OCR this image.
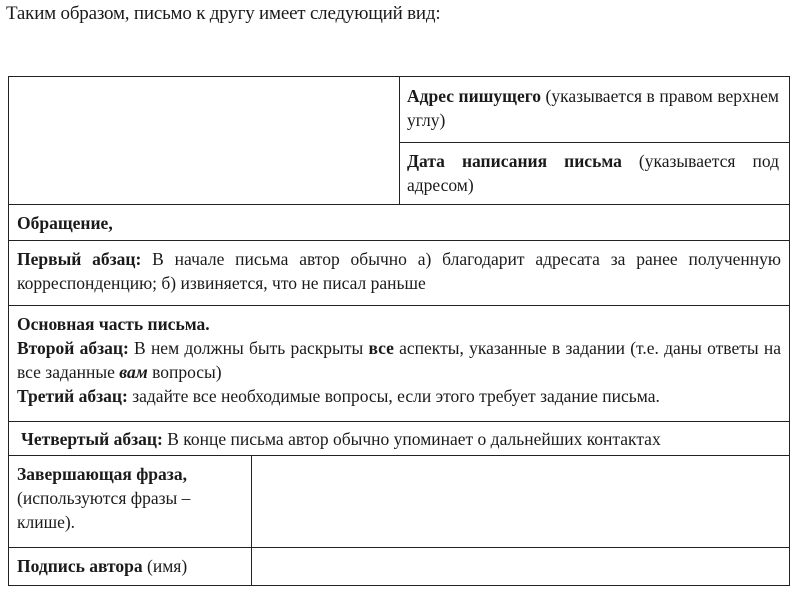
Таким образом, письмо к другу имеет следующий вид:
Адрес пишущего (указывается в правом верхнем углу)
Дата написания письма (указывается под адресом)
Обращение,
Первый абзац: В начале письма автор обычно а) благодарит адресата за ранее полученную корреспонденцию; б) извиняется, что не писал раньше
Основная часть письма.
Второй абзац: В нем должны быть раскрыты все аспекты, указанные в задании (т.е. даны ответы на все заданные вам вопросы)
Третий абзац: задайте все необходимые вопросы, если этого требует задание письма.
Четвертый абзац: В конце письма автор обычно упоминает о дальнейших контактах
Завершающая фраза,
(используются фразы – клише).
Подпись автора (имя)
